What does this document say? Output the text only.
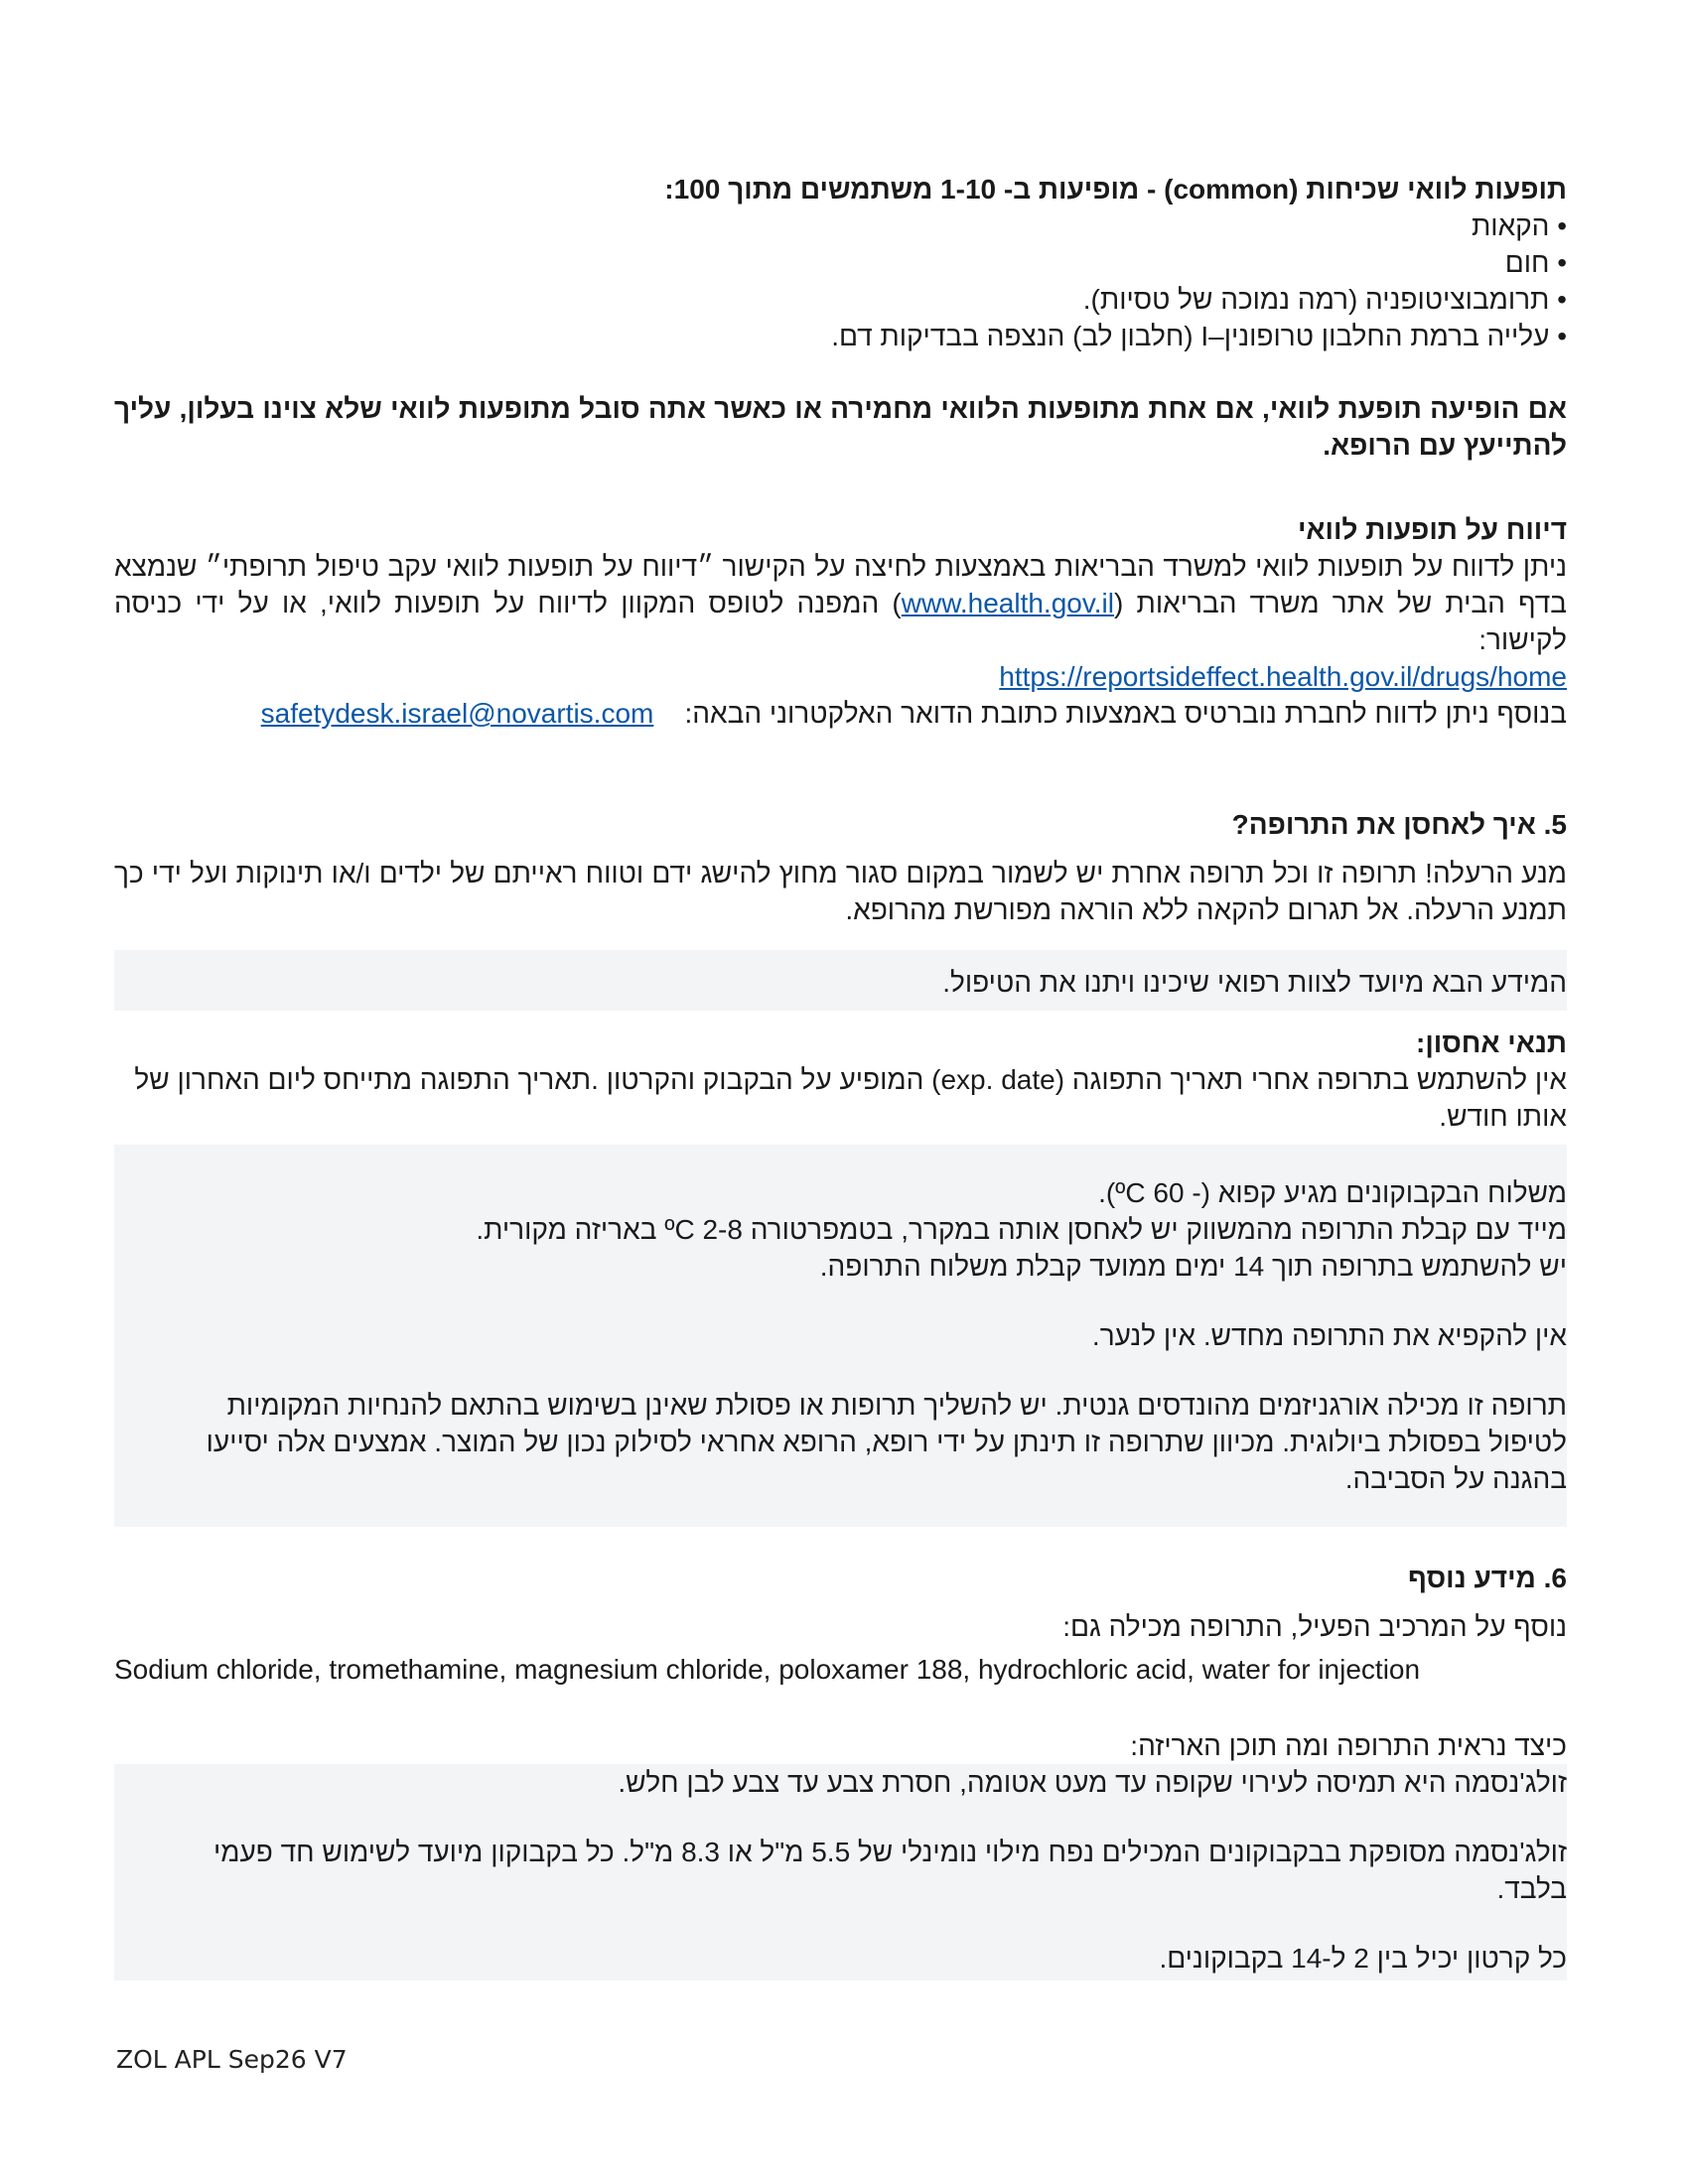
תופעות לוואי שכיחות (common) - מופיעות ב- 1-10 משתמשים מתוך 100:
• הקאות
• חום
• תרומבוציטופניה (רמה נמוכה של טסיות).
• עלייה ברמת החלבון טרופונין–I (חלבון לב) הנצפה בבדיקות דם.
אם הופיעה תופעת לוואי, אם אחת מתופעות הלוואי מחמירה או כאשר אתה סובל מתופעות לוואי שלא צוינו בעלון, עליך להתייעץ עם הרופא.
דיווח על תופעות לוואי
ניתן לדווח על תופעות לוואי למשרד הבריאות באמצעות לחיצה על הקישור ״דיווח על תופעות לוואי עקב טיפול תרופתי״ שנמצא בדף הבית של אתר משרד הבריאות (www.health.gov.il) המפנה לטופס המקוון לדיווח על תופעות לוואי, או על ידי כניסה לקישור:
https://reportsideffect.health.gov.il/drugs/home
בנוסף ניתן לדווח לחברת נוברטיס באמצעות כתובת הדואר האלקטרוני הבאה:    safetydesk.israel@novartis.com
5. איך לאחסן את התרופה?
מנע הרעלה! תרופה זו וכל תרופה אחרת יש לשמור במקום סגור מחוץ להישג ידם וטווח ראייתם של ילדים ו/או תינוקות ועל ידי כך תמנע הרעלה. אל תגרום להקאה ללא הוראה מפורשת מהרופא.
המידע הבא מיועד לצוות רפואי שיכינו ויתנו את הטיפול.
תנאי אחסון:
אין להשתמש בתרופה אחרי תאריך התפוגה (exp. date) המופיע על הבקבוק והקרטון .תאריך התפוגה מתייחס ליום האחרון של אותו חודש.
משלוח הבקבוקונים מגיע קפוא (- 60 ºC).
מייד עם קבלת התרופה מהמשווק יש לאחסן אותה במקרר, בטמפרטורה 2-8 ºC באריזה מקורית.
יש להשתמש בתרופה תוך 14 ימים ממועד קבלת משלוח התרופה.
אין להקפיא את התרופה מחדש. אין לנער.
תרופה זו מכילה אורגניזמים מהונדסים גנטית. יש להשליך תרופות או פסולת שאינן בשימוש בהתאם להנחיות המקומיות לטיפול בפסולת ביולוגית. מכיוון שתרופה זו תינתן על ידי רופא, הרופא אחראי לסילוק נכון של המוצר. אמצעים אלה יסייעו בהגנה על הסביבה.
6. מידע נוסף
נוסף על המרכיב הפעיל, התרופה מכילה גם:
Sodium chloride, tromethamine, magnesium chloride, poloxamer 188, hydrochloric acid, water for injection
כיצד נראית התרופה ומה תוכן האריזה:
זולג'נסמה היא תמיסה לעירוי שקופה עד מעט אטומה, חסרת צבע עד צבע לבן חלש.
זולג'נסמה מסופקת בבקבוקונים המכילים נפח מילוי נומינלי של 5.5 מ"ל או 8.3 מ"ל. כל בקבוקון מיועד לשימוש חד פעמי בלבד.
כל קרטון יכיל בין 2 ל-14 בקבוקונים.
ZOL APL Sep26 V7
